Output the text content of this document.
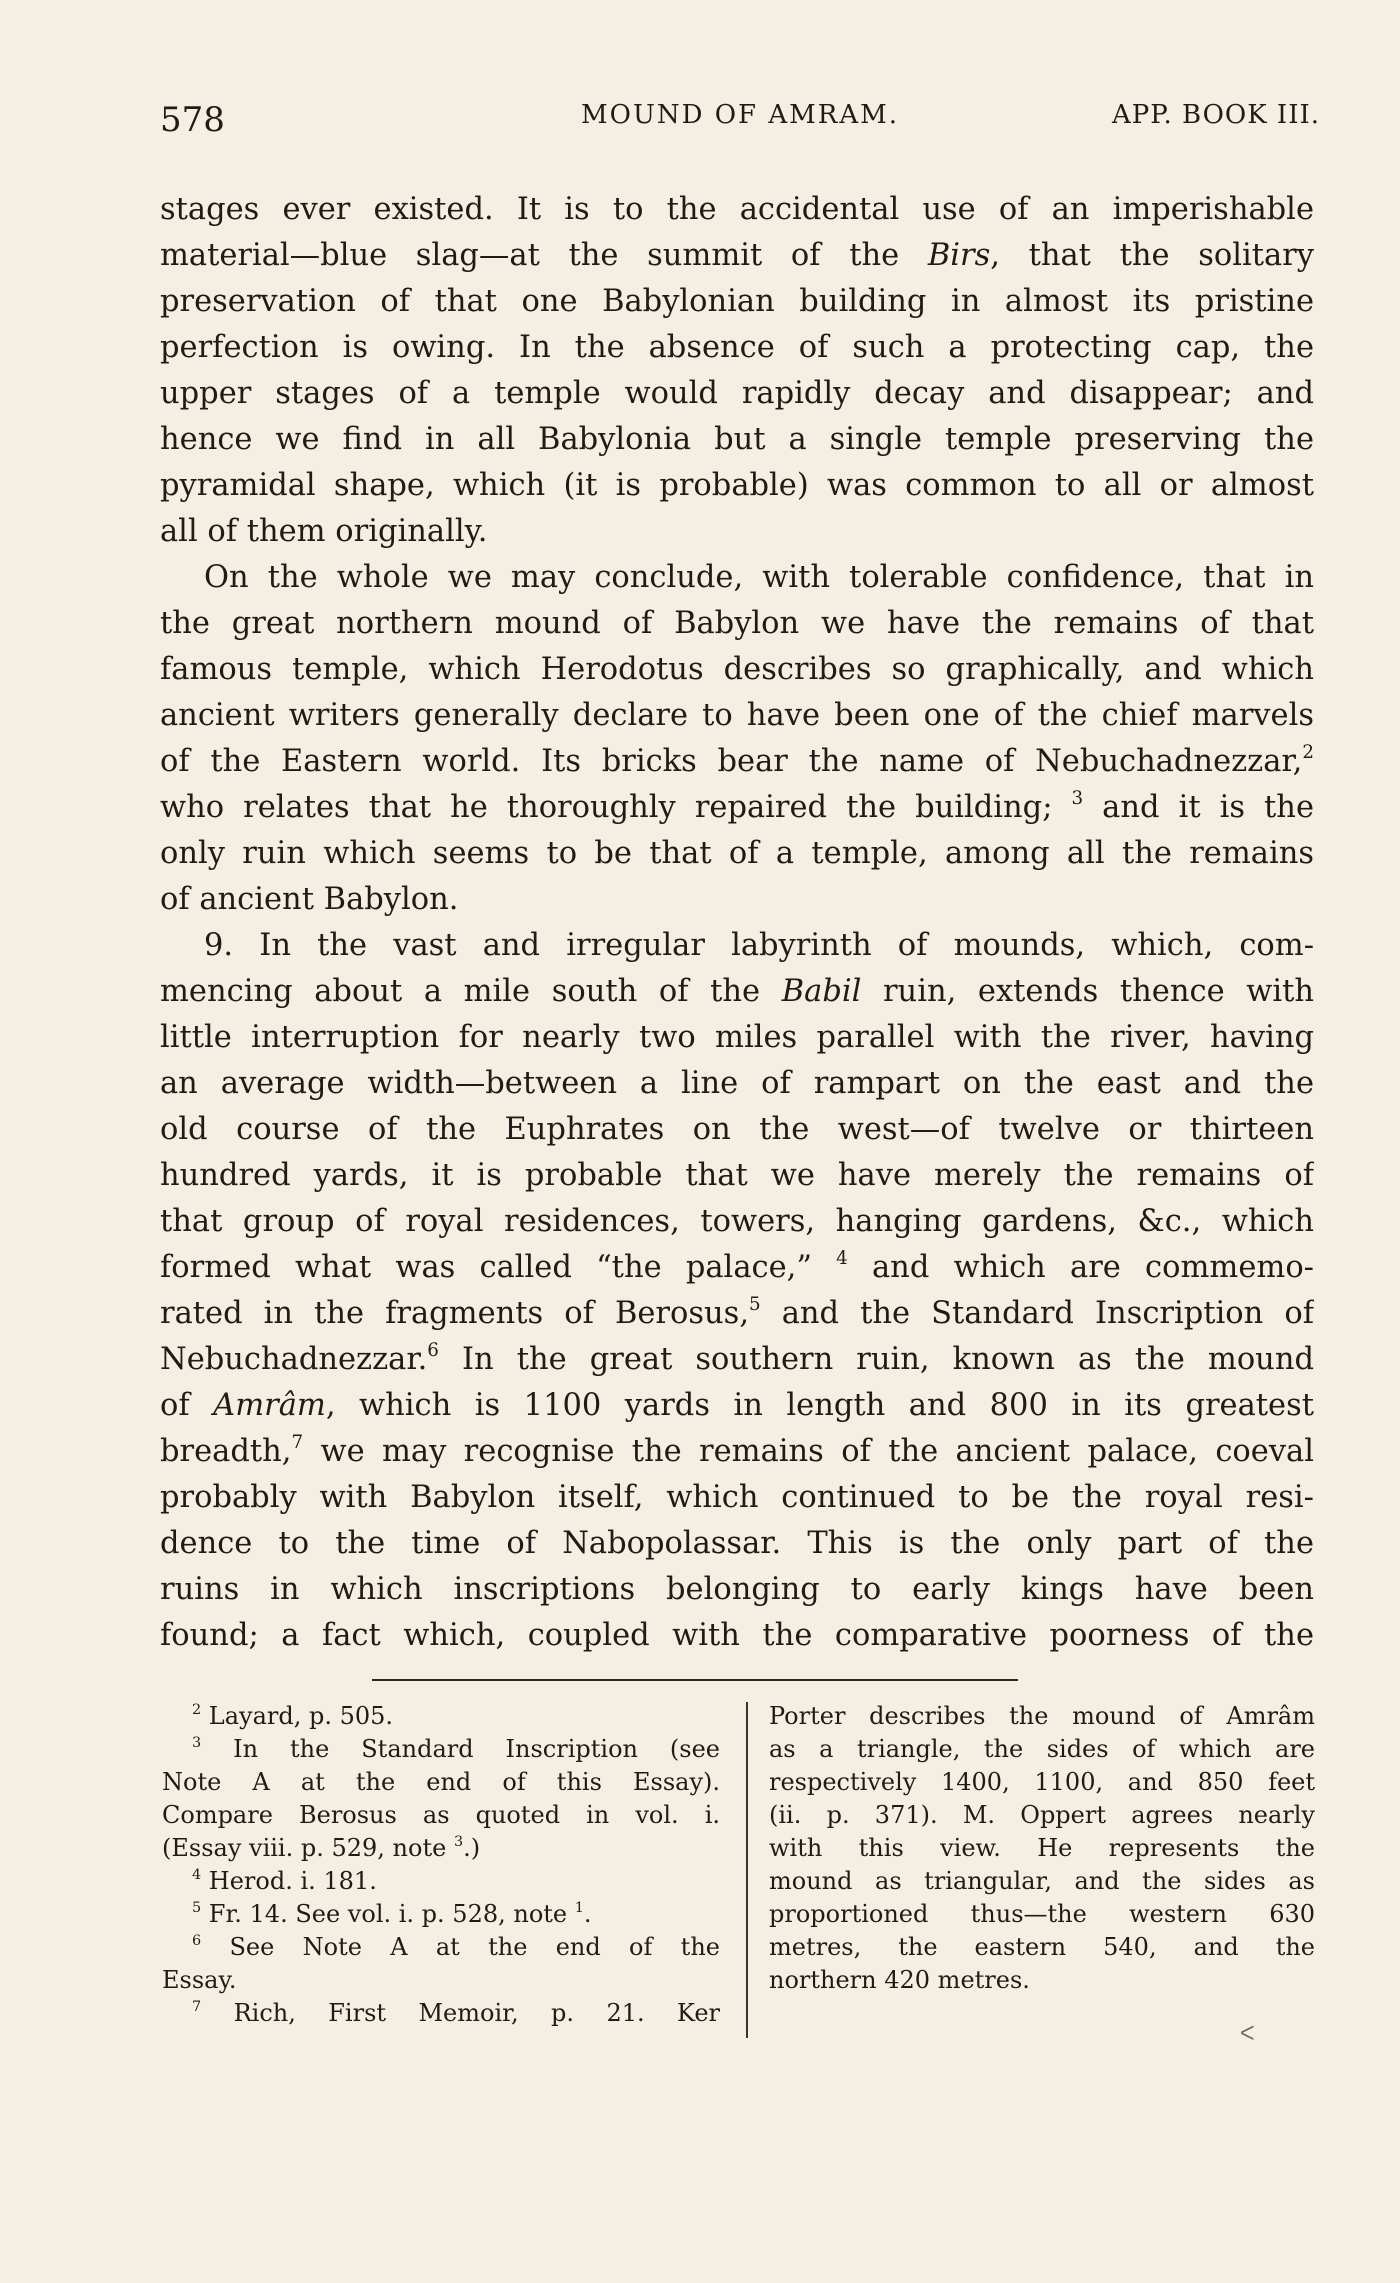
578	MOUND OF AMRAM.	APP. BOOK III.
stages ever existed. It is to the accidental use of an imperishable
material—blue slag—at the summit of the Birs, that the solitary
preservation of that one Babylonian building in almost its pristine
perfection is owing. In the absence of such a protecting cap, the
upper stages of a temple would rapidly decay and disappear; and
hence we find in all Babylonia but a single temple preserving the
pyramidal shape, which (it is probable) was common to all or almost
all of them originally.
On the whole we may conclude, with tolerable confidence, that in
the great northern mound of Babylon we have the remains of that
famous temple, which Herodotus describes so graphically, and which
ancient writers generally declare to have been one of the chief marvels
of the Eastern world. Its bricks bear the name of Nebuchadnezzar,$^2$
who relates that he thoroughly repaired the building; $^3$ and it is the
only ruin which seems to be that of a temple, among all the remains
of ancient Babylon.
9. In the vast and irregular labyrinth of mounds, which, com-
mencing about a mile south of the Babil ruin, extends thence with
little interruption for nearly two miles parallel with the river, having
an average width—between a line of rampart on the east and the
old course of the Euphrates on the west—of twelve or thirteen
hundred yards, it is probable that we have merely the remains of
that group of royal residences, towers, hanging gardens, &c., which
formed what was called “the palace,” $^4$ and which are commemo-
rated in the fragments of Berosus,$^5$ and the Standard Inscription of
Nebuchadnezzar.$^6$ In the great southern ruin, known as the mound
of Amrâm, which is 1100 yards in length and 800 in its greatest
breadth,$^7$ we may recognise the remains of the ancient palace, coeval
probably with Babylon itself, which continued to be the royal resi-
dence to the time of Nabopolassar. This is the only part of the
ruins in which inscriptions belonging to early kings have been
found; a fact which, coupled with the comparative poorness of the
$^2$ Layard, p. 505.
$^3$ In the Standard Inscription (see
Note A at the end of this Essay).
Compare Berosus as quoted in vol. i.
(Essay viii. p. 529, note $^3$.)
$^4$ Herod. i. 181.
$^5$ Fr. 14. See vol. i. p. 528, note $^1$.
$^6$ See Note A at the end of the
Essay.
$^7$ Rich, First Memoir, p. 21. Ker
Porter describes the mound of Amrâm
as a triangle, the sides of which are
respectively 1400, 1100, and 850 feet
(ii. p. 371). M. Oppert agrees nearly
with this view. He represents the
mound as triangular, and the sides as
proportioned thus—the western 630
metres, the eastern 540, and the
northern 420 metres.
ᐸ
